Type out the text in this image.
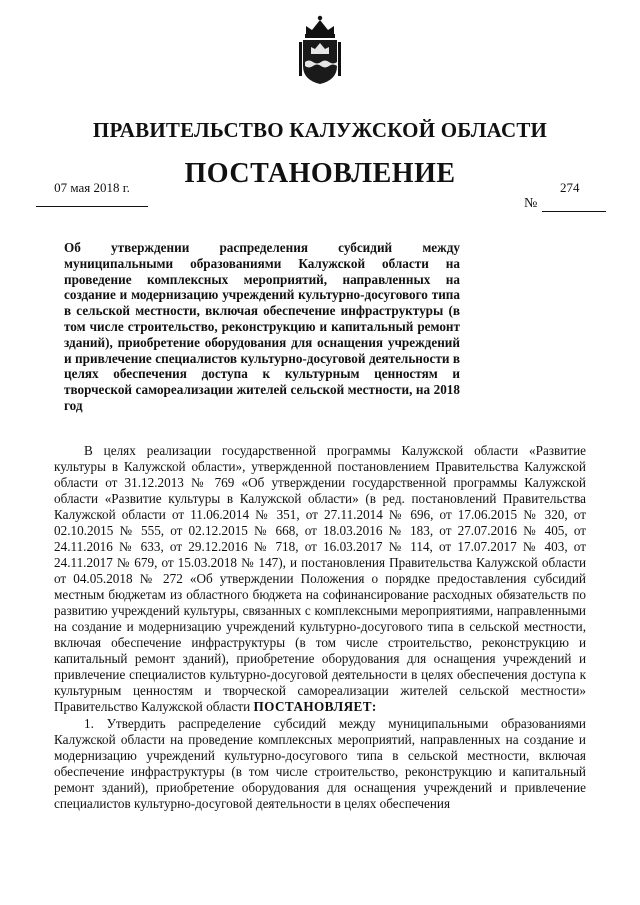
ПРАВИТЕЛЬСТВО КАЛУЖСКОЙ ОБЛАСТИ
ПОСТАНОВЛЕНИЕ
07 мая 2018 г.	274
№
Об утверждении распределения субсидий между муниципальными образованиями Калужской области на проведение комплексных мероприятий, направленных на создание и модернизацию учреждений культурно-досугового типа в сельской местности, включая обеспечение инфраструктуры (в том числе строительство, реконструкцию и капитальный ремонт зданий), приобретение оборудования для оснащения учреждений и привлечение специалистов культурно-досуговой деятельности в целях обеспечения доступа к культурным ценностям и творческой самореализации жителей сельской местности, на 2018 год

В целях реализации государственной программы Калужской области «Развитие культуры в Калужской области», утвержденной постановлением Правительства Калужской области от 31.12.2013 № 769 «Об утверждении государственной программы Калужской области «Развитие культуры в Калужской области» (в ред. постановлений Правительства Калужской области от 11.06.2014 № 351, от 27.11.2014 № 696, от 17.06.2015 № 320, от 02.10.2015 № 555, от 02.12.2015 № 668, от 18.03.2016 № 183, от 27.07.2016 № 405, от 24.11.2016 № 633, от 29.12.2016 № 718, от 16.03.2017 № 114, от 17.07.2017 № 403, от 24.11.2017 № 679, от 15.03.2018 № 147), и постановления Правительства Калужской области от 04.05.2018 № 272 «Об утверждении Положения о порядке предоставления субсидий местным бюджетам из областного бюджета на софинансирование расходных обязательств по развитию учреждений культуры, связанных с комплексными мероприятиями, направленными на создание и модернизацию учреждений культурно-досугового типа в сельской местности, включая обеспечение инфраструктуры (в том числе строительство, реконструкцию и капитальный ремонт зданий), приобретение оборудования для оснащения учреждений и привлечение специалистов культурно-досуговой деятельности в целях обеспечения доступа к культурным ценностям и творческой самореализации жителей сельской местности» Правительство Калужской области ПОСТАНОВЛЯЕТ:

1. Утвердить распределение субсидий между муниципальными образованиями Калужской области на проведение комплексных мероприятий, направленных на создание и модернизацию учреждений культурно-досугового типа в сельской местности, включая обеспечение инфраструктуры (в том числе строительство, реконструкцию и капитальный ремонт зданий), приобретение оборудования для оснащения учреждений и привлечение специалистов культурно-досуговой деятельности в целях обеспечения
